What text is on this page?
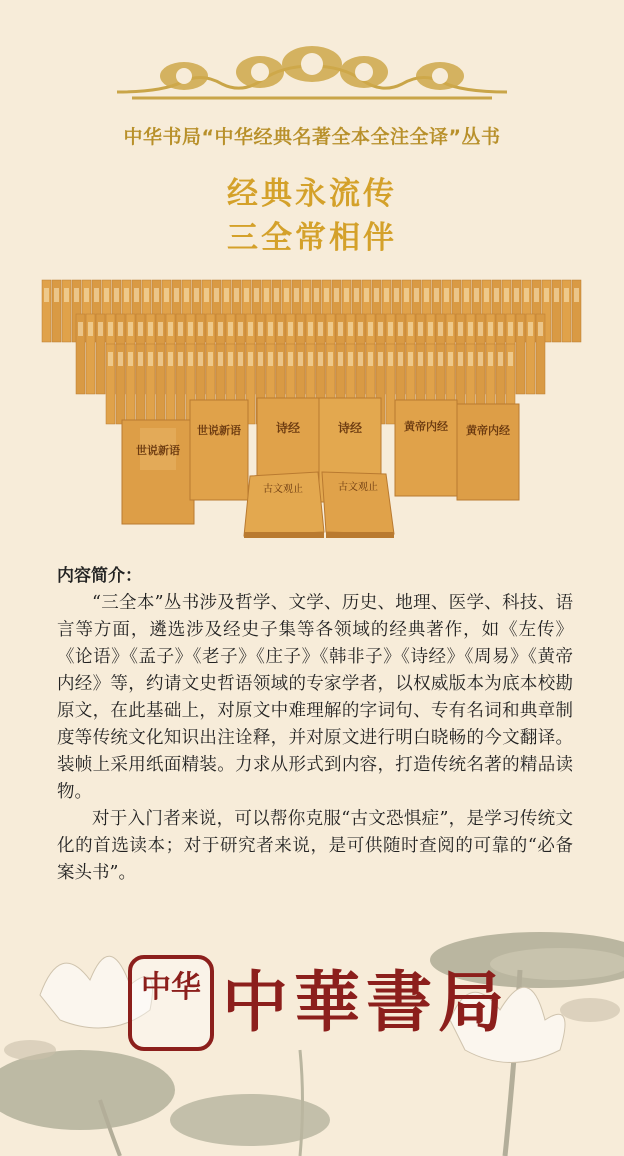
中华书局“中华经典名著全本全注全译”丛书
经典永流传
三全常相伴
世说新语
世说新语	诗经	诗经	黄帝内经 黄帝内经
古文观止	古文观止
内容简介：

“三全本”丛书涉及哲学、文学、历史、地理、医学、科技、语言等方面，遴选涉及经史子集等各领域的经典著作，如《左传》《论语》《孟子》《老子》《庄子》《韩非子》《诗经》《周易》《黄帝内经》等，约请文史哲语领域的专家学者，以权威版本为底本校勘原文，在此基础上，对原文中难理解的字词句、专有名词和典章制度等传统文化知识出注诠释，并对原文进行明白晓畅的今文翻译。装帧上采用纸面精装。力求从形式到内容，打造传统名著的精品读物。

对于入门者来说，可以帮你克服“古文恐惧症”，是学习传统文化的首选读本；对于研究者来说，是可供随时查阅的可靠的“必备案头书”。

中华 中華書局
